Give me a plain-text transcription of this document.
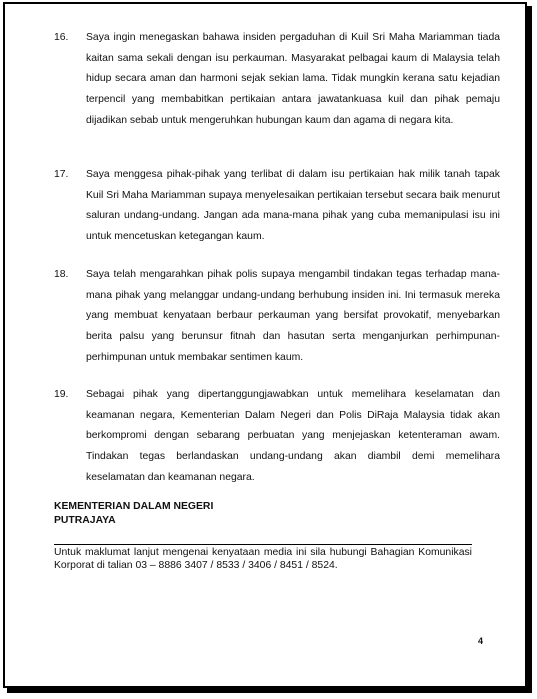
16.	Saya ingin menegaskan bahawa insiden pergaduhan di Kuil Sri Maha Mariamman tiada kaitan sama sekali dengan isu perkauman. Masyarakat pelbagai kaum di Malaysia telah hidup secara aman dan harmoni sejak sekian lama. Tidak mungkin kerana satu kejadian terpencil yang membabitkan pertikaian antara jawatankuasa kuil dan pihak pemaju dijadikan sebab untuk mengeruhkan hubungan kaum dan agama di negara kita.
17.	Saya menggesa pihak-pihak yang terlibat di dalam isu pertikaian hak milik tanah tapak Kuil Sri Maha Mariamman supaya menyelesaikan pertikaian tersebut secara baik menurut saluran undang-undang. Jangan ada mana-mana pihak yang cuba memanipulasi isu ini untuk mencetuskan ketegangan kaum.
18.	Saya telah mengarahkan pihak polis supaya mengambil tindakan tegas terhadap mana-mana pihak yang melanggar undang-undang berhubung insiden ini. Ini termasuk mereka yang membuat kenyataan berbaur perkauman yang bersifat provokatif, menyebarkan berita palsu yang berunsur fitnah dan hasutan serta menganjurkan perhimpunan-perhimpunan untuk membakar sentimen kaum.
19.	Sebagai pihak yang dipertanggungjawabkan untuk memelihara keselamatan dan keamanan negara, Kementerian Dalam Negeri dan Polis DiRaja Malaysia tidak akan berkompromi dengan sebarang perbuatan yang menjejaskan ketenteraman awam. Tindakan tegas berlandaskan undang-undang akan diambil demi memelihara keselamatan dan keamanan negara.
KEMENTERIAN DALAM NEGERI
PUTRAJAYA
Untuk maklumat lanjut mengenai kenyataan media ini sila hubungi Bahagian Komunikasi Korporat di talian 03 – 8886 3407 / 8533 / 3406 / 8451 / 8524.
4
